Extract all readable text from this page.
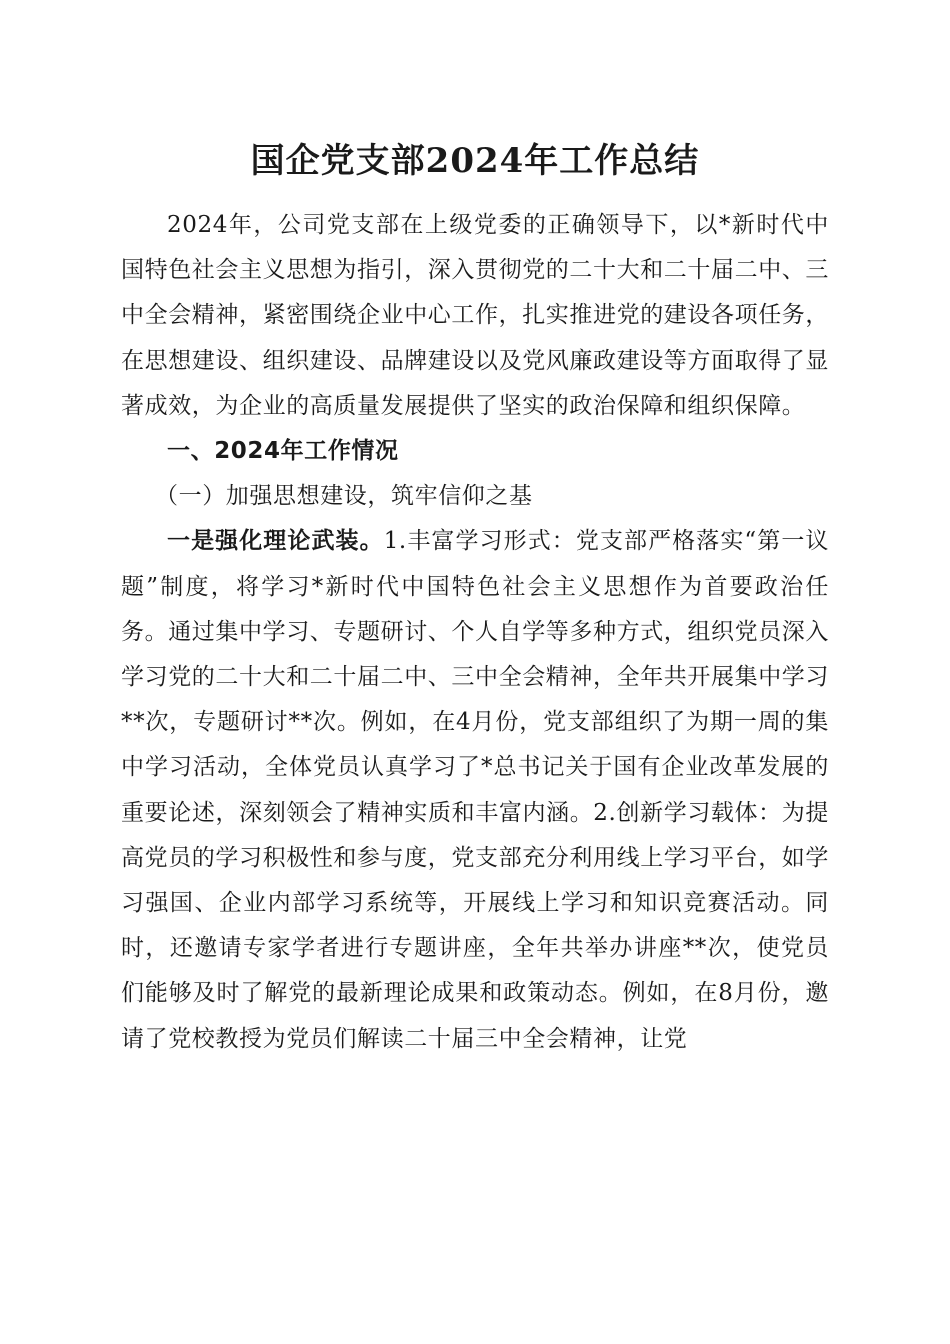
国企党支部2024年工作总结

2024年，公司党支部在上级党委的正确领导下，以*新时代中国特色社会主义思想为指引，深入贯彻党的二十大和二十届二中、三中全会精神，紧密围绕企业中心工作，扎实推进党的建设各项任务，在思想建设、组织建设、品牌建设以及党风廉政建设等方面取得了显著成效，为企业的高质量发展提供了坚实的政治保障和组织保障。

一、2024年工作情况

（一）加强思想建设，筑牢信仰之基

一是强化理论武装。1.丰富学习形式：党支部严格落实“第一议题”制度，将学习*新时代中国特色社会主义思想作为首要政治任务。通过集中学习、专题研讨、个人自学等多种方式，组织党员深入学习党的二十大和二十届二中、三中全会精神，全年共开展集中学习**次，专题研讨**次。例如，在4月份，党支部组织了为期一周的集中学习活动，全体党员认真学习了*总书记关于国有企业改革发展的重要论述，深刻领会了精神实质和丰富内涵。2.创新学习载体：为提高党员的学习积极性和参与度，党支部充分利用线上学习平台，如学习强国、企业内部学习系统等，开展线上学习和知识竞赛活动。同时，还邀请专家学者进行专题讲座，全年共举办讲座**次，使党员们能够及时了解党的最新理论成果和政策动态。例如，在8月份，邀请了党校教授为党员们解读二十届三中全会精神，让党
